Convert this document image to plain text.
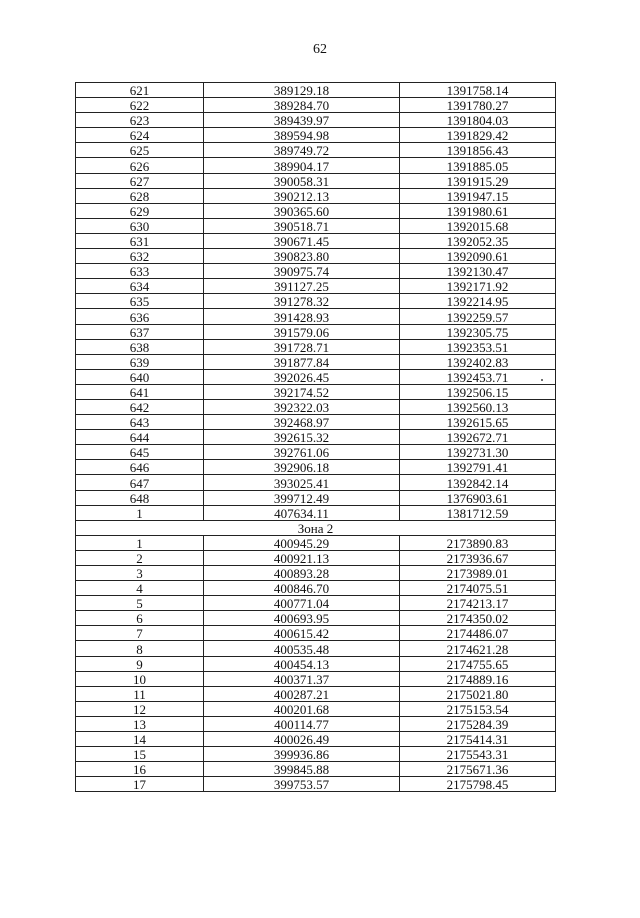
62
621	389129.18	1391758.14
622	389284.70	1391780.27
623	389439.97	1391804.03
624	389594.98	1391829.42
625	389749.72	1391856.43
626	389904.17	1391885.05
627	390058.31	1391915.29
628	390212.13	1391947.15
629	390365.60	1391980.61
630	390518.71	1392015.68
631	390671.45	1392052.35
632	390823.80	1392090.61
633	390975.74	1392130.47
634	391127.25	1392171.92
635	391278.32	1392214.95
636	391428.93	1392259.57
637	391579.06	1392305.75
638	391728.71	1392353.51
639	391877.84	1392402.83
640	392026.45	1392453.71
641	392174.52	1392506.15
642	392322.03	1392560.13
643	392468.97	1392615.65
644	392615.32	1392672.71
645	392761.06	1392731.30
646	392906.18	1392791.41
647	393025.41	1392842.14
648	399712.49	1376903.61
1	407634.11	1381712.59
Зона 2		
1	400945.29	2173890.83
2	400921.13	2173936.67
3	400893.28	2173989.01
4	400846.70	2174075.51
5	400771.04	2174213.17
6	400693.95	2174350.02
7	400615.42	2174486.07
8	400535.48	2174621.28
9	400454.13	2174755.65
10	400371.37	2174889.16
11	400287.21	2175021.80
12	400201.68	2175153.54
13	400114.77	2175284.39
14	400026.49	2175414.31
15	399936.86	2175543.31
16	399845.88	2175671.36
17	399753.57	2175798.45
